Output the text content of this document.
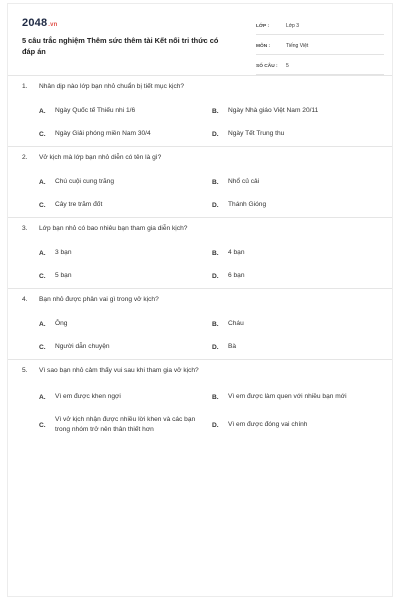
2048.vn
5 câu trắc nghiệm Thêm sức thêm tài Kết nối tri thức có đáp án
LỚP :	Lớp 3
MÔN :	Tiếng Việt
SỐ CÂU :	5
1. Nhân dịp nào lớp bạn nhỏ chuẩn bị tiết mục kịch?
A.	Ngày Quốc tế Thiếu nhi 1/6	B.	Ngày Nhà giáo Việt Nam 20/11
C.	Ngày Giải phóng miền Nam 30/4	D.	Ngày Tết Trung thu
2. Vở kịch mà lớp bạn nhỏ diễn có tên là gì?
A.	Chú cuội cung trăng	B.	Nhổ củ cải
C.	Cây tre trăm đốt	D.	Thánh Gióng
3. Lớp bạn nhỏ có bao nhiêu bạn tham gia diễn kịch?
A.	3 bạn	B.	4 bạn
C.	5 bạn	D.	6 bạn
4. Bạn nhỏ được phân vai gì trong vở kịch?
A.	Ông	B.	Cháu
C.	Người dẫn chuyện	D.	Bà
5. Vì sao bạn nhỏ cảm thấy vui sau khi tham gia vở kịch?
A.	Vì em được khen ngợi	B.	Vì em được làm quen với nhiều bạn mới
C.
Vì vở kịch nhận được nhiều lời khen và các bạn trong nhóm trở nên thân thiết hơn
D.	Vì em được đóng vai chính
